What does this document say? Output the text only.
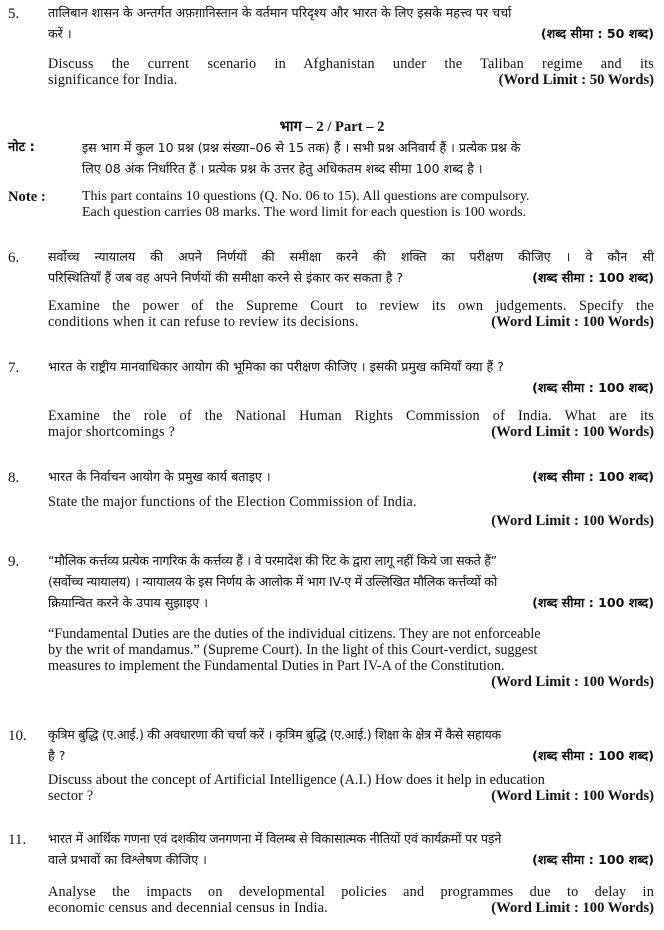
5. तालिबान शासन के अन्तर्गत अफ़ग़ानिस्तान के वर्तमान परिदृश्य और भारत के लिए इसके महत्त्व पर चर्चा
करें ।	(शब्द सीमा : 50 शब्द)
Discuss the current scenario in Afghanistan under the Taliban regime and its
significance for India.	(Word Limit : 50 Words)
भाग – 2 / Part – 2
नोट :	इस भाग में कुल 10 प्रश्न (प्रश्न संख्या–06 से 15 तक) हैं । सभी प्रश्न अनिवार्य हैं । प्रत्येक प्रश्न के
लिए 08 अंक निर्धारित हैं । प्रत्येक प्रश्न के उत्तर हेतु अधिकतम शब्द सीमा 100 शब्द है ।
Note :	This part contains 10 questions (Q. No. 06 to 15). All questions are compulsory.
Each question carries 08 marks. The word limit for each question is 100 words.
6. सर्वोच्च न्यायालय की अपने निर्णयों की समीक्षा करने की शक्ति का परीक्षण कीजिए । वे कौन सी
परिस्थितियाँ हैं जब वह अपने निर्णयों की समीक्षा करने से इंकार कर सकता है ?	(शब्द सीमा : 100 शब्द)
Examine the power of the Supreme Court to review its own judgements. Specify the
conditions when it can refuse to review its decisions.	(Word Limit : 100 Words)
7. भारत के राष्ट्रीय मानवाधिकार आयोग की भूमिका का परीक्षण कीजिए । इसकी प्रमुख कमियाँ क्या हैं ?
(शब्द सीमा : 100 शब्द)
Examine the role of the National Human Rights Commission of India. What are its
major shortcomings ?	(Word Limit : 100 Words)
8. भारत के निर्वाचन आयोग के प्रमुख कार्य बताइए ।	(शब्द सीमा : 100 शब्द)
State the major functions of the Election Commission of India.
(Word Limit : 100 Words)
9. “मौलिक कर्त्तव्य प्रत्येक नागरिक के कर्त्तव्य हैं । वे परमादेश की रिट के द्वारा लागू नहीं किये जा सकते हैं”
(सर्वोच्च न्यायालय) । न्यायालय के इस निर्णय के आलोक में भाग IV-ए में उल्लिखित मौलिक कर्त्तव्यों को
क्रियान्वित करने के उपाय सुझाइए ।	(शब्द सीमा : 100 शब्द)
“Fundamental Duties are the duties of the individual citizens. They are not enforceable
by the writ of mandamus.” (Supreme Court). In the light of this Court-verdict, suggest
measures to implement the Fundamental Duties in Part IV-A of the Constitution.
(Word Limit : 100 Words)
10. कृत्रिम बुद्धि (ए.आई.) की अवधारणा की चर्चा करें । कृत्रिम बुद्धि (ए.आई.) शिक्षा के क्षेत्र में कैसे सहायक
है ?	(शब्द सीमा : 100 शब्द)
Discuss about the concept of Artificial Intelligence (A.I.) How does it help in education
sector ?	(Word Limit : 100 Words)
11. भारत में आर्थिक गणना एवं दशकीय जनगणना में विलम्ब से विकासात्मक नीतियों एवं कार्यक्रमों पर पड़ने
वाले प्रभावों का विश्लेषण कीजिए ।	(शब्द सीमा : 100 शब्द)
Analyse the impacts on developmental policies and programmes due to delay in
economic census and decennial census in India.	(Word Limit : 100 Words)
